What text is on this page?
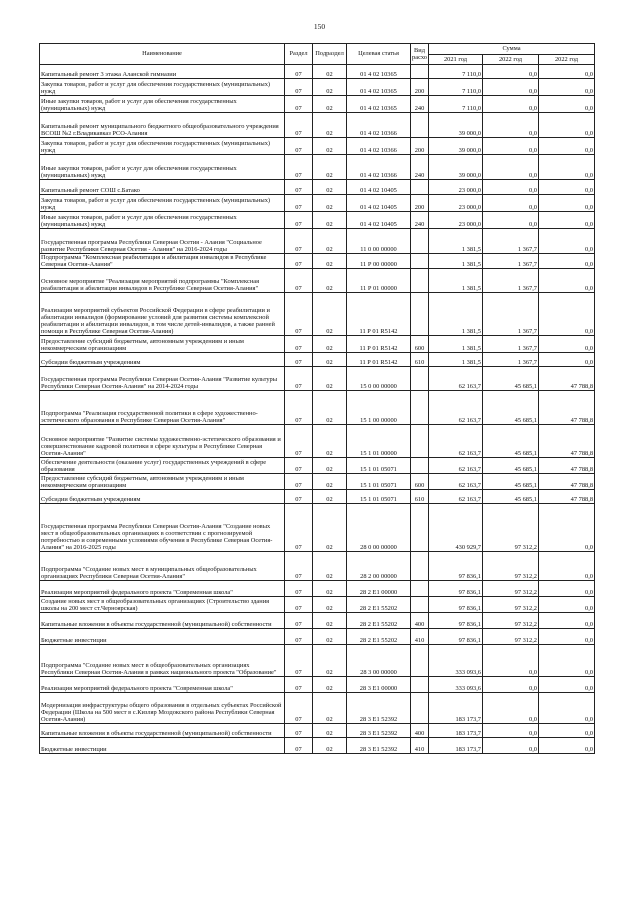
150
Наименование	Раздел	Подраздел	Целевая статья	Вид расхо	Сумма		
					2021 год	2022 год	2022 год
Капитальный ремонт 3 этажа Аланской гимназии	07	02	01 4 02 10365		7 110,0	0,0	0,0
Закупка товаров, работ и услуг для обеспечения государственных (муниципальных) нужд	07	02	01 4 02 10365	200	7 110,0	0,0	0,0
Иные закупки товаров, работ и услуг для обеспечения государственных (муниципальных) нужд	07	02	01 4 02 10365	240	7 110,0	0,0	0,0
Капитальный ремонт муниципального бюджетного общеобразовательного учреждения ВСОШ №2 г.Владикавказ РСО-Алания	07	02	01 4 02 10366		39 000,0	0,0	0,0
Закупка товаров, работ и услуг для обеспечения государственных (муниципальных) нужд	07	02	01 4 02 10366	200	39 000,0	0,0	0,0
Иные закупки товаров, работ и услуг для обеспечения государственных (муниципальных) нужд	07	02	01 4 02 10366	240	39 000,0	0,0	0,0
Капитальный ремонт СОШ с.Батако	07	02	01 4 02 10405		23 000,0	0,0	0,0
Закупка товаров, работ и услуг для обеспечения государственных (муниципальных) нужд	07	02	01 4 02 10405	200	23 000,0	0,0	0,0
Иные закупки товаров, работ и услуг для обеспечения государственных (муниципальных) нужд	07	02	01 4 02 10405	240	23 000,0	0,0	0,0
Государственная программа Республики Северная Осетия - Алания "Социальное развитие Республики Северная Осетия - Алания" на 2016-2024 годы	07	02	11 0 00 00000		1 381,5	1 367,7	0,0
Подпрограмма "Комплексная реабилитация и абилитация инвалидов в Республике Северная Осетия-Алания"	07	02	11 Р 00 00000		1 381,5	1 367,7	0,0
Основное мероприятие "Реализация мероприятий подпрограммы "Комплексная реабилитация и абилитация инвалидов в Республике Северная Осетия-Алания"	07	02	11 Р 01 00000		1 381,5	1 367,7	0,0
Реализация мероприятий субъектов Российской Федерации в сфере реабилитации и абилитации инвалидов (формирование условий для развития системы комплексной реабилитации и абилитации инвалидов, в том числе детей-инвалидов, а также ранней помощи в Республике Северная Осетия-Алания)	07	02	11 Р 01 R5142		1 381,5	1 367,7	0,0
Предоставление субсидий бюджетным, автономным учреждениям и иным некоммерческим организациям	07	02	11 Р 01 R5142	600	1 381,5	1 367,7	0,0
Субсидии бюджетным учреждениям	07	02	11 Р 01 R5142	610	1 381,5	1 367,7	0,0
Государственная программа Республики Северная Осетия-Алания "Развитие культуры Республики Северная Осетия-Алания" на 2014-2024 годы	07	02	15 0 00 00000		62 163,7	45 685,1	47 788,8
Подпрограмма "Реализация государственной политики в сфере художественно-эстетического образования в Республике Северная Осетия-Алания"	07	02	15 1 00 00000		62 163,7	45 685,1	47 788,8
Основное мероприятие "Развитие системы художественно-эстетического образования и совершенствование кадровой политики в сфере культуры в Республике Северная Осетия-Алания"	07	02	15 1 01 00000		62 163,7	45 685,1	47 788,8
Обеспечение деятельности (оказание услуг) государственных учреждений в сфере образования	07	02	15 1 01 05071		62 163,7	45 685,1	47 788,8
Предоставление субсидий бюджетным, автономным учреждениям и иным некоммерческим организациям	07	02	15 1 01 05071	600	62 163,7	45 685,1	47 788,8
Субсидии бюджетным учреждениям	07	02	15 1 01 05071	610	62 163,7	45 685,1	47 788,8
Государственная программа Республики Северная Осетия-Алания "Создание новых мест в общеобразовательных организациях в соответствии с прогнозируемой потребностью и современными условиями обучения в Республике Северная Осетия-Алания" на 2016-2025 годы	07	02	28 0 00 00000		430 929,7	97 312,2	0,0
Подпрограмма "Создание новых мест в муниципальных общеобразовательных организациях Республики Северная Осетия-Алания"	07	02	28 2 00 00000		97 836,1	97 312,2	0,0
Реализация мероприятий федерального проекта "Современная школа"	07	02	28 2 Е1 00000		97 836,1	97 312,2	0,0
Создание новых мест в общеобразовательных организациях (Строительство здания школы на 200 мест ст.Черноярская)	07	02	28 2 Е1 55202		97 836,1	97 312,2	0,0
Капитальные вложения в объекты государственной (муниципальной) собственности	07	02	28 2 Е1 55202	400	97 836,1	97 312,2	0,0
Бюджетные инвестиции	07	02	28 2 Е1 55202	410	97 836,1	97 312,2	0,0
Подпрограмма "Создание новых мест в общеобразовательных организациях Республики Северная Осетия-Алания в рамках национального проекта "Образование"	07	02	28 3 00 00000		333 093,6	0,0	0,0
Реализация мероприятий федерального проекта "Современная школа"	07	02	28 3 Е1 00000		333 093,6	0,0	0,0
Модернизация инфраструктуры общего образования в отдельных субъектах Российской Федерации (Школа на 500 мест в с.Кизляр Моздокского района Республики Северная Осетия-Алания)	07	02	28 3 Е1 52392		183 173,7	0,0	0,0
Капитальные вложения в объекты государственной (муниципальной) собственности	07	02	28 3 Е1 52392	400	183 173,7	0,0	0,0
Бюджетные инвестиции	07	02	28 3 Е1 52392	410	183 173,7	0,0	0,0
